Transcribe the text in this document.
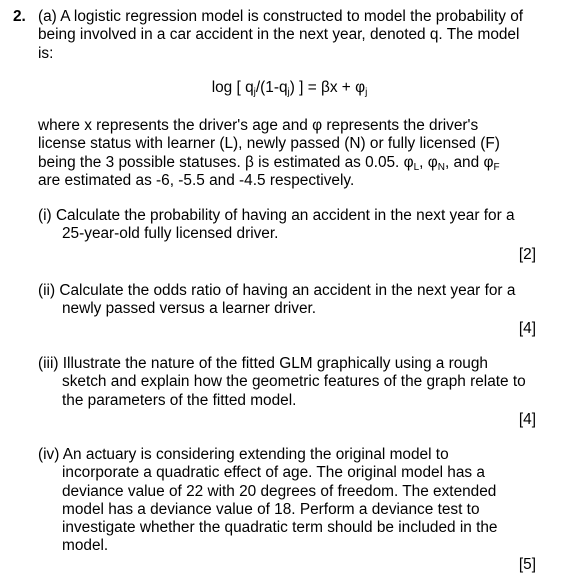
2. (a) A logistic regression model is constructed to model the probability of
being involved in a car accident in the next year, denoted q. The model
is:

log [ $q_j/(1-q_j)$ ] = $\beta x + \varphi_j$

where x represents the driver's age and φ represents the driver's
license status with learner (L), newly passed (N) or fully licensed (F)
being the 3 possible statuses. β is estimated as 0.05. $\varphi_L$, $\varphi_N$, and $\varphi_F$
are estimated as -6, -5.5 and -4.5 respectively.

(i) Calculate the probability of having an accident in the next year for a
25-year-old fully licensed driver.

[2]

(ii) Calculate the odds ratio of having an accident in the next year for a
newly passed versus a learner driver.

[4]

(iii) Illustrate the nature of the fitted GLM graphically using a rough
sketch and explain how the geometric features of the graph relate to
the parameters of the fitted model.

[4]

(iv) An actuary is considering extending the original model to
incorporate a quadratic effect of age. The original model has a
deviance value of 22 with 20 degrees of freedom. The extended
model has a deviance value of 18. Perform a deviance test to
investigate whether the quadratic term should be included in the
model.

[5]
